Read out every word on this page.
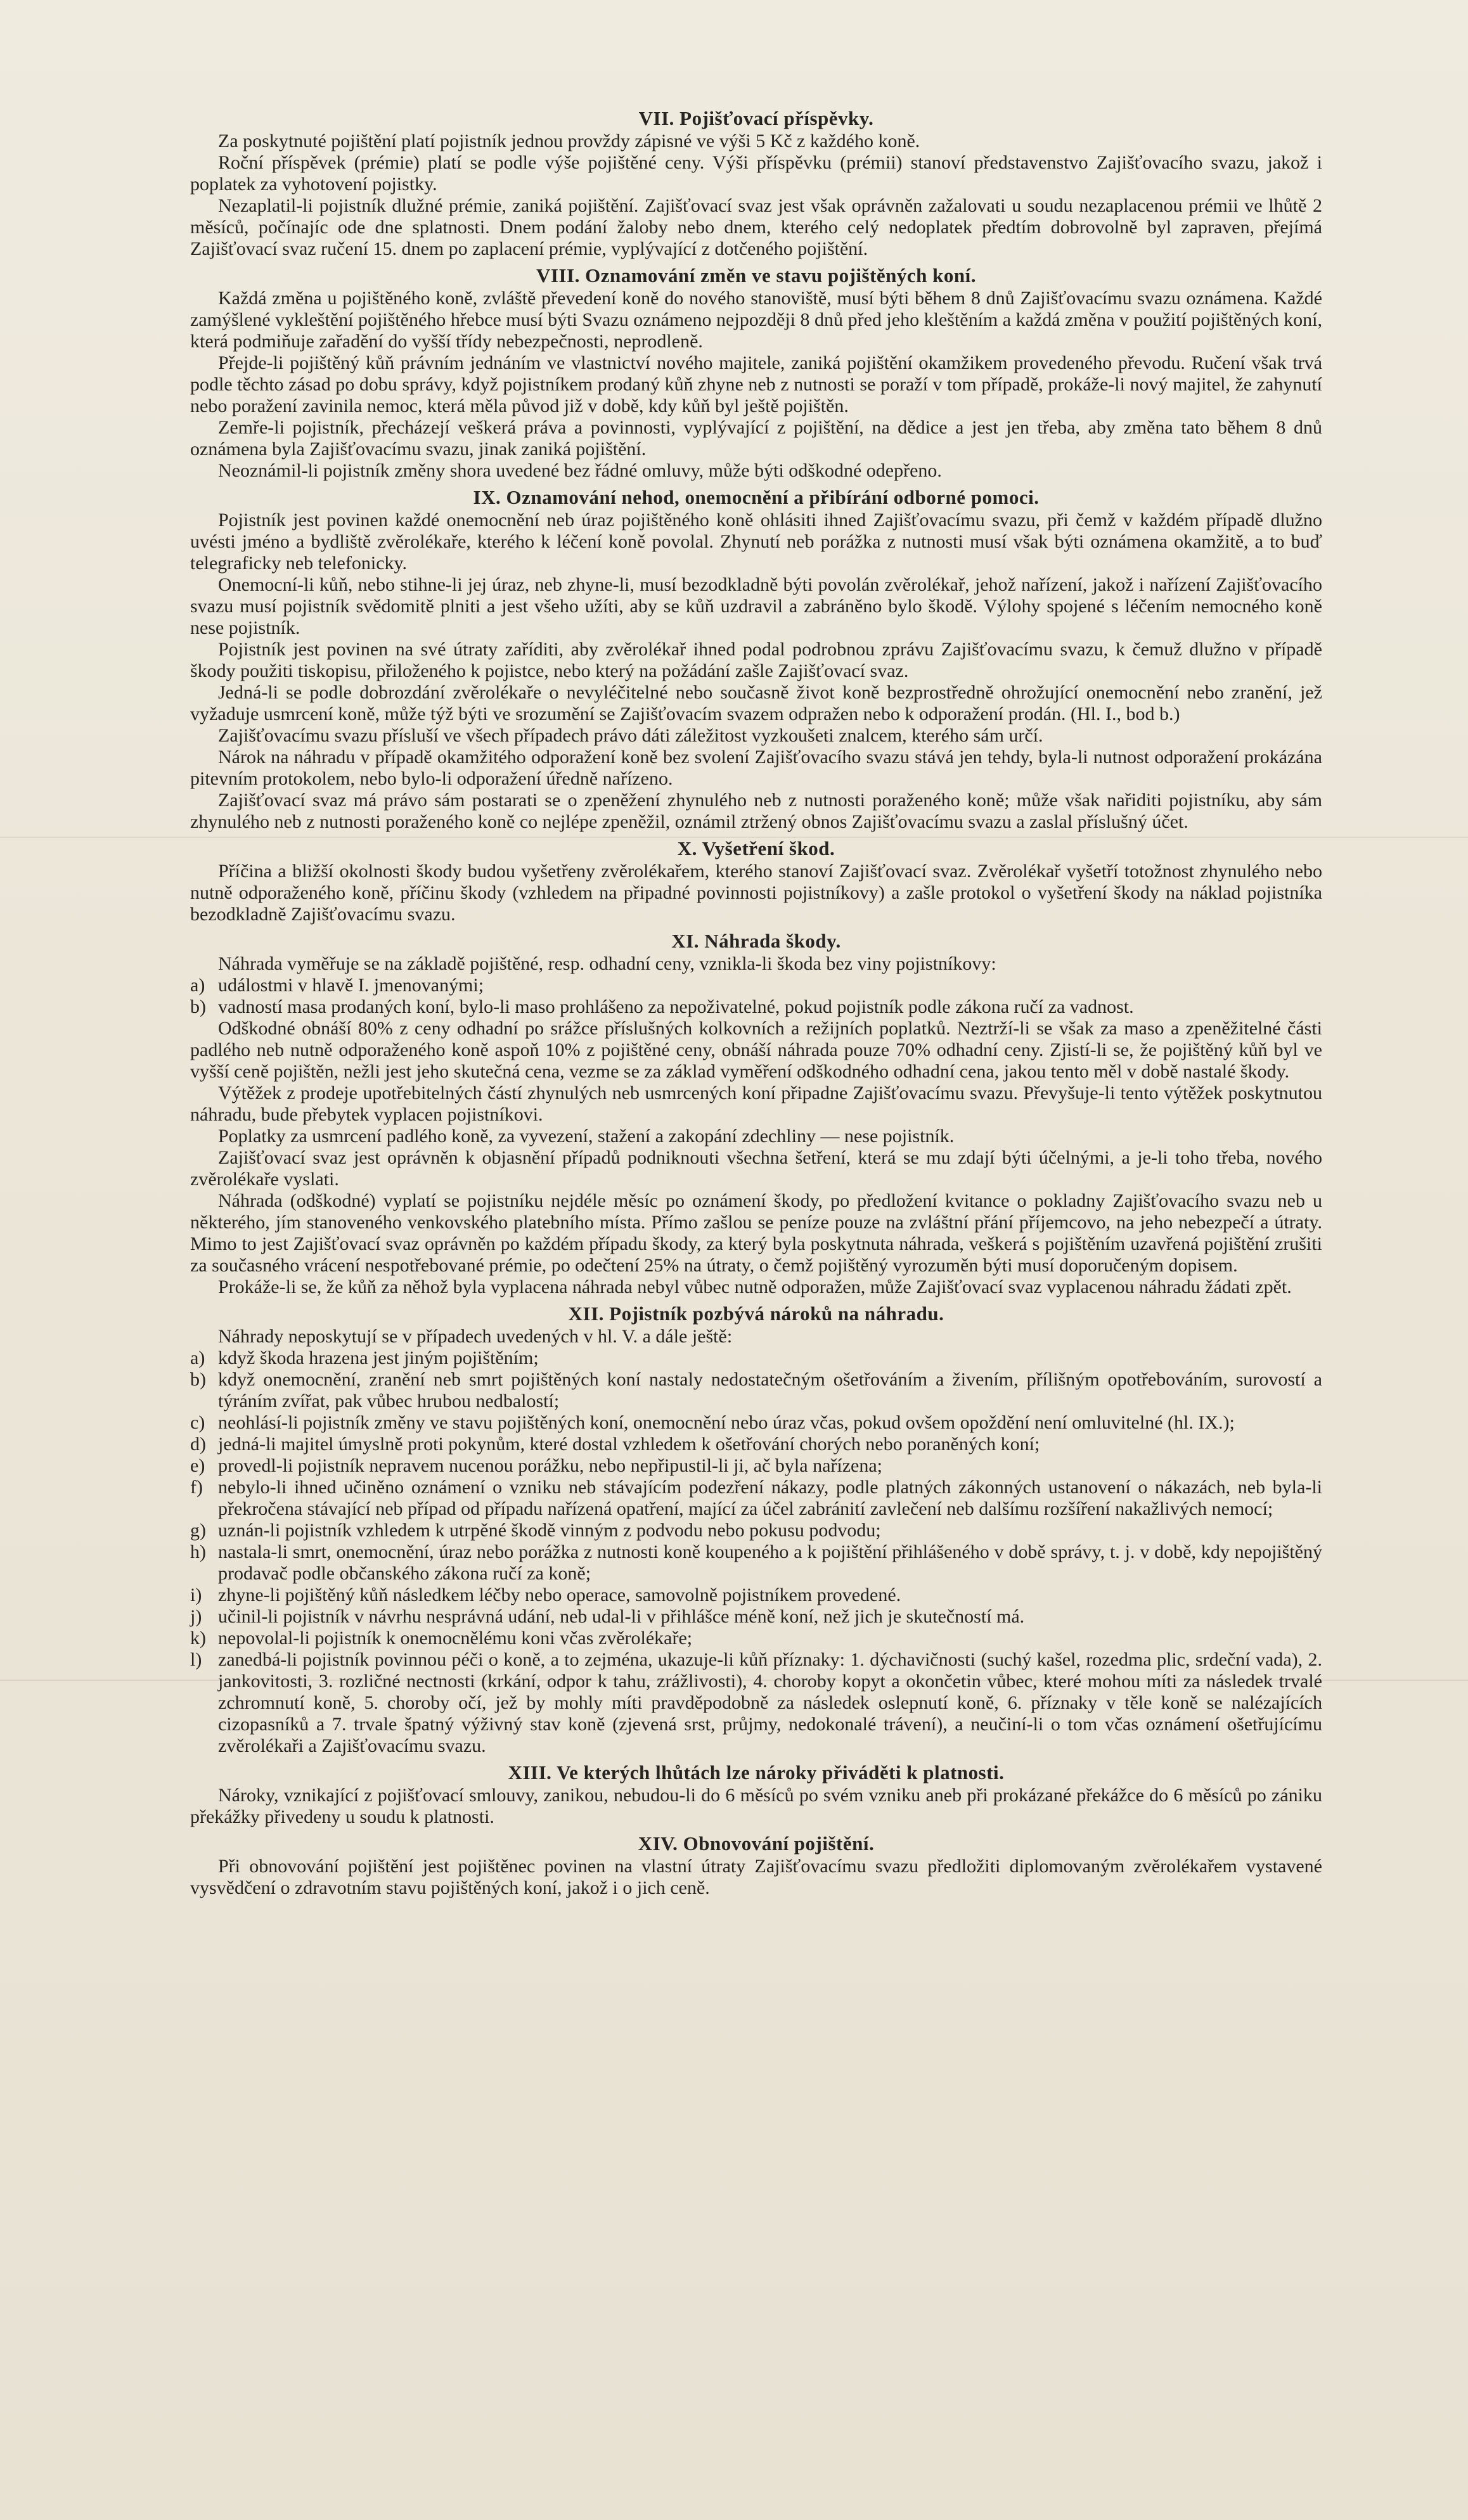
VII. Pojišťovací příspěvky.

Za poskytnuté pojištění platí pojistník jednou provždy zápisné ve výši 5 Kč z každého koně.

Roční příspěvek (prémie) platí se podle výše pojištěné ceny. Výši příspěvku (prémii) stanoví představenstvo Zajišťovacího svazu, jakož i poplatek za vyhotovení pojistky.

Nezaplatil-li pojistník dlužné prémie, zaniká pojištění. Zajišťovací svaz jest však oprávněn zažalovati u soudu nezaplacenou prémii ve lhůtě 2 měsíců, počínajíc ode dne splatnosti. Dnem podání žaloby nebo dnem, kterého celý nedoplatek předtím dobrovolně byl zapraven, přejímá Zajišťovací svaz ručení 15. dnem po zaplacení prémie, vyplývající z dotčeného pojištění.

VIII. Oznamování změn ve stavu pojištěných koní.

Každá změna u pojištěného koně, zvláště převedení koně do nového stanoviště, musí býti během 8 dnů Zajišťovacímu svazu oznámena. Každé zamýšlené vykleštění pojištěného hřebce musí býti Svazu oznámeno nejpozději 8 dnů před jeho kleštěním a každá změna v použití pojištěných koní, která podmiňuje zařadění do vyšší třídy nebezpečnosti, neprodleně.

Přejde-li pojištěný kůň právním jednáním ve vlastnictví nového majitele, zaniká pojištění okamžikem provedeného převodu. Ručení však trvá podle těchto zásad po dobu správy, když pojistníkem prodaný kůň zhyne neb z nutnosti se poraží v tom případě, prokáže-li nový majitel, že zahynutí nebo poražení zavinila nemoc, která měla původ již v době, kdy kůň byl ještě pojištěn.

Zemře-li pojistník, přecházejí veškerá práva a povinnosti, vyplývající z pojištění, na dědice a jest jen třeba, aby změna tato během 8 dnů oznámena byla Zajišťovacímu svazu, jinak zaniká pojištění.

Neoznámil-li pojistník změny shora uvedené bez řádné omluvy, může býti odškodné odepřeno.

IX. Oznamování nehod, onemocnění a přibírání odborné pomoci.

Pojistník jest povinen každé onemocnění neb úraz pojištěného koně ohlásiti ihned Zajišťovacímu svazu, při čemž v každém případě dlužno uvésti jméno a bydliště zvěrolékaře, kterého k léčení koně povolal. Zhynutí neb porážka z nutnosti musí však býti oznámena okamžitě, a to buď telegraficky neb telefonicky.

Onemocní-li kůň, nebo stihne-li jej úraz, neb zhyne-li, musí bezodkladně býti povolán zvěrolékař, jehož nařízení, jakož i nařízení Zajišťovacího svazu musí pojistník svědomitě plniti a jest všeho užíti, aby se kůň uzdravil a zabráněno bylo škodě. Výlohy spojené s léčením nemocného koně nese pojistník.

Pojistník jest povinen na své útraty zaříditi, aby zvěrolékař ihned podal podrobnou zprávu Zajišťovacímu svazu, k čemuž dlužno v případě škody použiti tiskopisu, přiloženého k pojistce, nebo který na požádání zašle Zajišťovací svaz.

Jedná-li se podle dobrozdání zvěrolékaře o nevyléčitelné nebo současně život koně bezprostředně ohrožující onemocnění nebo zranění, jež vyžaduje usmrcení koně, může týž býti ve srozumění se Zajišťovacím svazem odpražen nebo k odporažení prodán. (Hl. I., bod b.)

Zajišťovacímu svazu přísluší ve všech případech právo dáti záležitost vyzkoušeti znalcem, kterého sám určí.

Nárok na náhradu v případě okamžitého odporažení koně bez svolení Zajišťovacího svazu stává jen tehdy, byla-li nutnost odporažení prokázána pitevním protokolem, nebo bylo-li odporažení úředně nařízeno.

Zajišťovací svaz má právo sám postarati se o zpeněžení zhynulého neb z nutnosti poraženého koně; může však nařiditi pojistníku, aby sám zhynulého neb z nutnosti poraženého koně co nejlépe zpeněžil, oznámil ztržený obnos Zajišťovacímu svazu a zaslal příslušný účet.

X. Vyšetření škod.

Příčina a bližší okolnosti škody budou vyšetřeny zvěrolékařem, kterého stanoví Zajišťovací svaz. Zvěrolékař vyšetří totožnost zhynulého nebo nutně odporaženého koně, příčinu škody (vzhledem na připadné povinnosti pojistníkovy) a zašle protokol o vyšetření škody na náklad pojistníka bezodkladně Zajišťovacímu svazu.

XI. Náhrada škody.

Náhrada vyměřuje se na základě pojištěné, resp. odhadní ceny, vznikla-li škoda bez viny pojistníkovy:

a) událostmi v hlavě I. jmenovanými;
b) vadností masa prodaných koní, bylo-li maso prohlášeno za nepoživatelné, pokud pojistník podle zákona ručí za vadnost.

Odškodné obnáší 80% z ceny odhadní po srážce příslušných kolkovních a režijních poplatků. Neztrží-li se však za maso a zpeněžitelné části padlého neb nutně odporaženého koně aspoň 10% z pojištěné ceny, obnáší náhrada pouze 70% odhadní ceny. Zjistí-li se, že pojištěný kůň byl ve vyšší ceně pojištěn, nežli jest jeho skutečná cena, vezme se za základ vyměření odškodného odhadní cena, jakou tento měl v době nastalé škody.

Výtěžek z prodeje upotřebitelných částí zhynulých neb usmrcených koní připadne Zajišťovacímu svazu. Převyšuje-li tento výtěžek poskytnutou náhradu, bude přebytek vyplacen pojistníkovi.

Poplatky za usmrcení padlého koně, za vyvezení, stažení a zakopání zdechliny — nese pojistník.

Zajišťovací svaz jest oprávněn k objasnění případů podniknouti všechna šetření, která se mu zdají býti účelnými, a je-li toho třeba, nového zvěrolékaře vyslati.

Náhrada (odškodné) vyplatí se pojistníku nejdéle měsíc po oznámení škody, po předložení kvitance o pokladny Zajišťovacího svazu neb u některého, jím stanoveného venkovského platebního místa. Přímo zašlou se peníze pouze na zvláštní přání příjemcovo, na jeho nebezpečí a útraty. Mimo to jest Zajišťovací svaz oprávněn po každém případu škody, za který byla poskytnuta náhrada, veškerá s pojištěním uzavřená pojištění zrušiti za současného vrácení nespotřebované prémie, po odečtení 25% na útraty, o čemž pojištěný vyrozuměn býti musí doporučeným dopisem.

Prokáže-li se, že kůň za něhož byla vyplacena náhrada nebyl vůbec nutně odporažen, může Zajišťovací svaz vyplacenou náhradu žádati zpět.

XII. Pojistník pozbývá nároků na náhradu.

Náhrady neposkytují se v případech uvedených v hl. V. a dále ještě:

a) když škoda hrazena jest jiným pojištěním;
b) když onemocnění, zranění neb smrt pojištěných koní nastaly nedostatečným ošetřováním a živením, přílišným opotřebováním, surovostí a týráním zvířat, pak vůbec hrubou nedbalostí;
c) neohlásí-li pojistník změny ve stavu pojištěných koní, onemocnění nebo úraz včas, pokud ovšem opoždění není omluvitelné (hl. IX.);
d) jedná-li majitel úmyslně proti pokynům, které dostal vzhledem k ošetřování chorých nebo poraněných koní;
e) provedl-li pojistník nepravem nucenou porážku, nebo nepřipustil-li ji, ač byla nařízena;
f) nebylo-li ihned učiněno oznámení o vzniku neb stávajícím podezření nákazy, podle platných zákonných ustanovení o nákazách, neb byla-li překročena stávající neb případ od případu nařízená opatření, mající za účel zabránití zavlečení neb dalšímu rozšíření nakažlivých nemocí;
g) uznán-li pojistník vzhledem k utrpěné škodě vinným z podvodu nebo pokusu podvodu;
h) nastala-li smrt, onemocnění, úraz nebo porážka z nutnosti koně koupeného a k pojištění přihlášeného v době správy, t. j. v době, kdy nepojištěný prodavač podle občanského zákona ručí za koně;
i) zhyne-li pojištěný kůň následkem léčby nebo operace, samovolně pojistníkem provedené.
j) učinil-li pojistník v návrhu nesprávná udání, neb udal-li v přihlášce méně koní, než jich je skutečností má.
k) nepovolal-li pojistník k onemocnělému koni včas zvěrolékaře;
l) zanedbá-li pojistník povinnou péči o koně, a to zejména, ukazuje-li kůň příznaky: 1. dýchavičnosti (suchý kašel, rozedma plic, srdeční vada), 2. jankovitosti, 3. rozličné nectnosti (krkání, odpor k tahu, zrážlivosti), 4. choroby kopyt a okončetin vůbec, které mohou míti za následek trvalé zchromnutí koně, 5. choroby očí, jež by mohly míti pravděpodobně za následek oslepnutí koně, 6. příznaky v těle koně se nalézajících cizopasníků a 7. trvale špatný výživný stav koně (zjevená srst, průjmy, nedokonalé trávení), a neučiní-li o tom včas oznámení ošetřujícímu zvěrolékaři a Zajišťovacímu svazu.
XIII. Ve kterých lhůtách lze nároky přiváděti k platnosti.

Nároky, vznikající z pojišťovací smlouvy, zanikou, nebudou-li do 6 měsíců po svém vzniku aneb při prokázané překážce do 6 měsíců po zániku překážky přivedeny u soudu k platnosti.

XIV. Obnovování pojištění.

Při obnovování pojištění jest pojištěnec povinen na vlastní útraty Zajišťovacímu svazu předložiti diplomovaným zvěrolékařem vystavené vysvědčení o zdravotním stavu pojištěných koní, jakož i o jich ceně.
